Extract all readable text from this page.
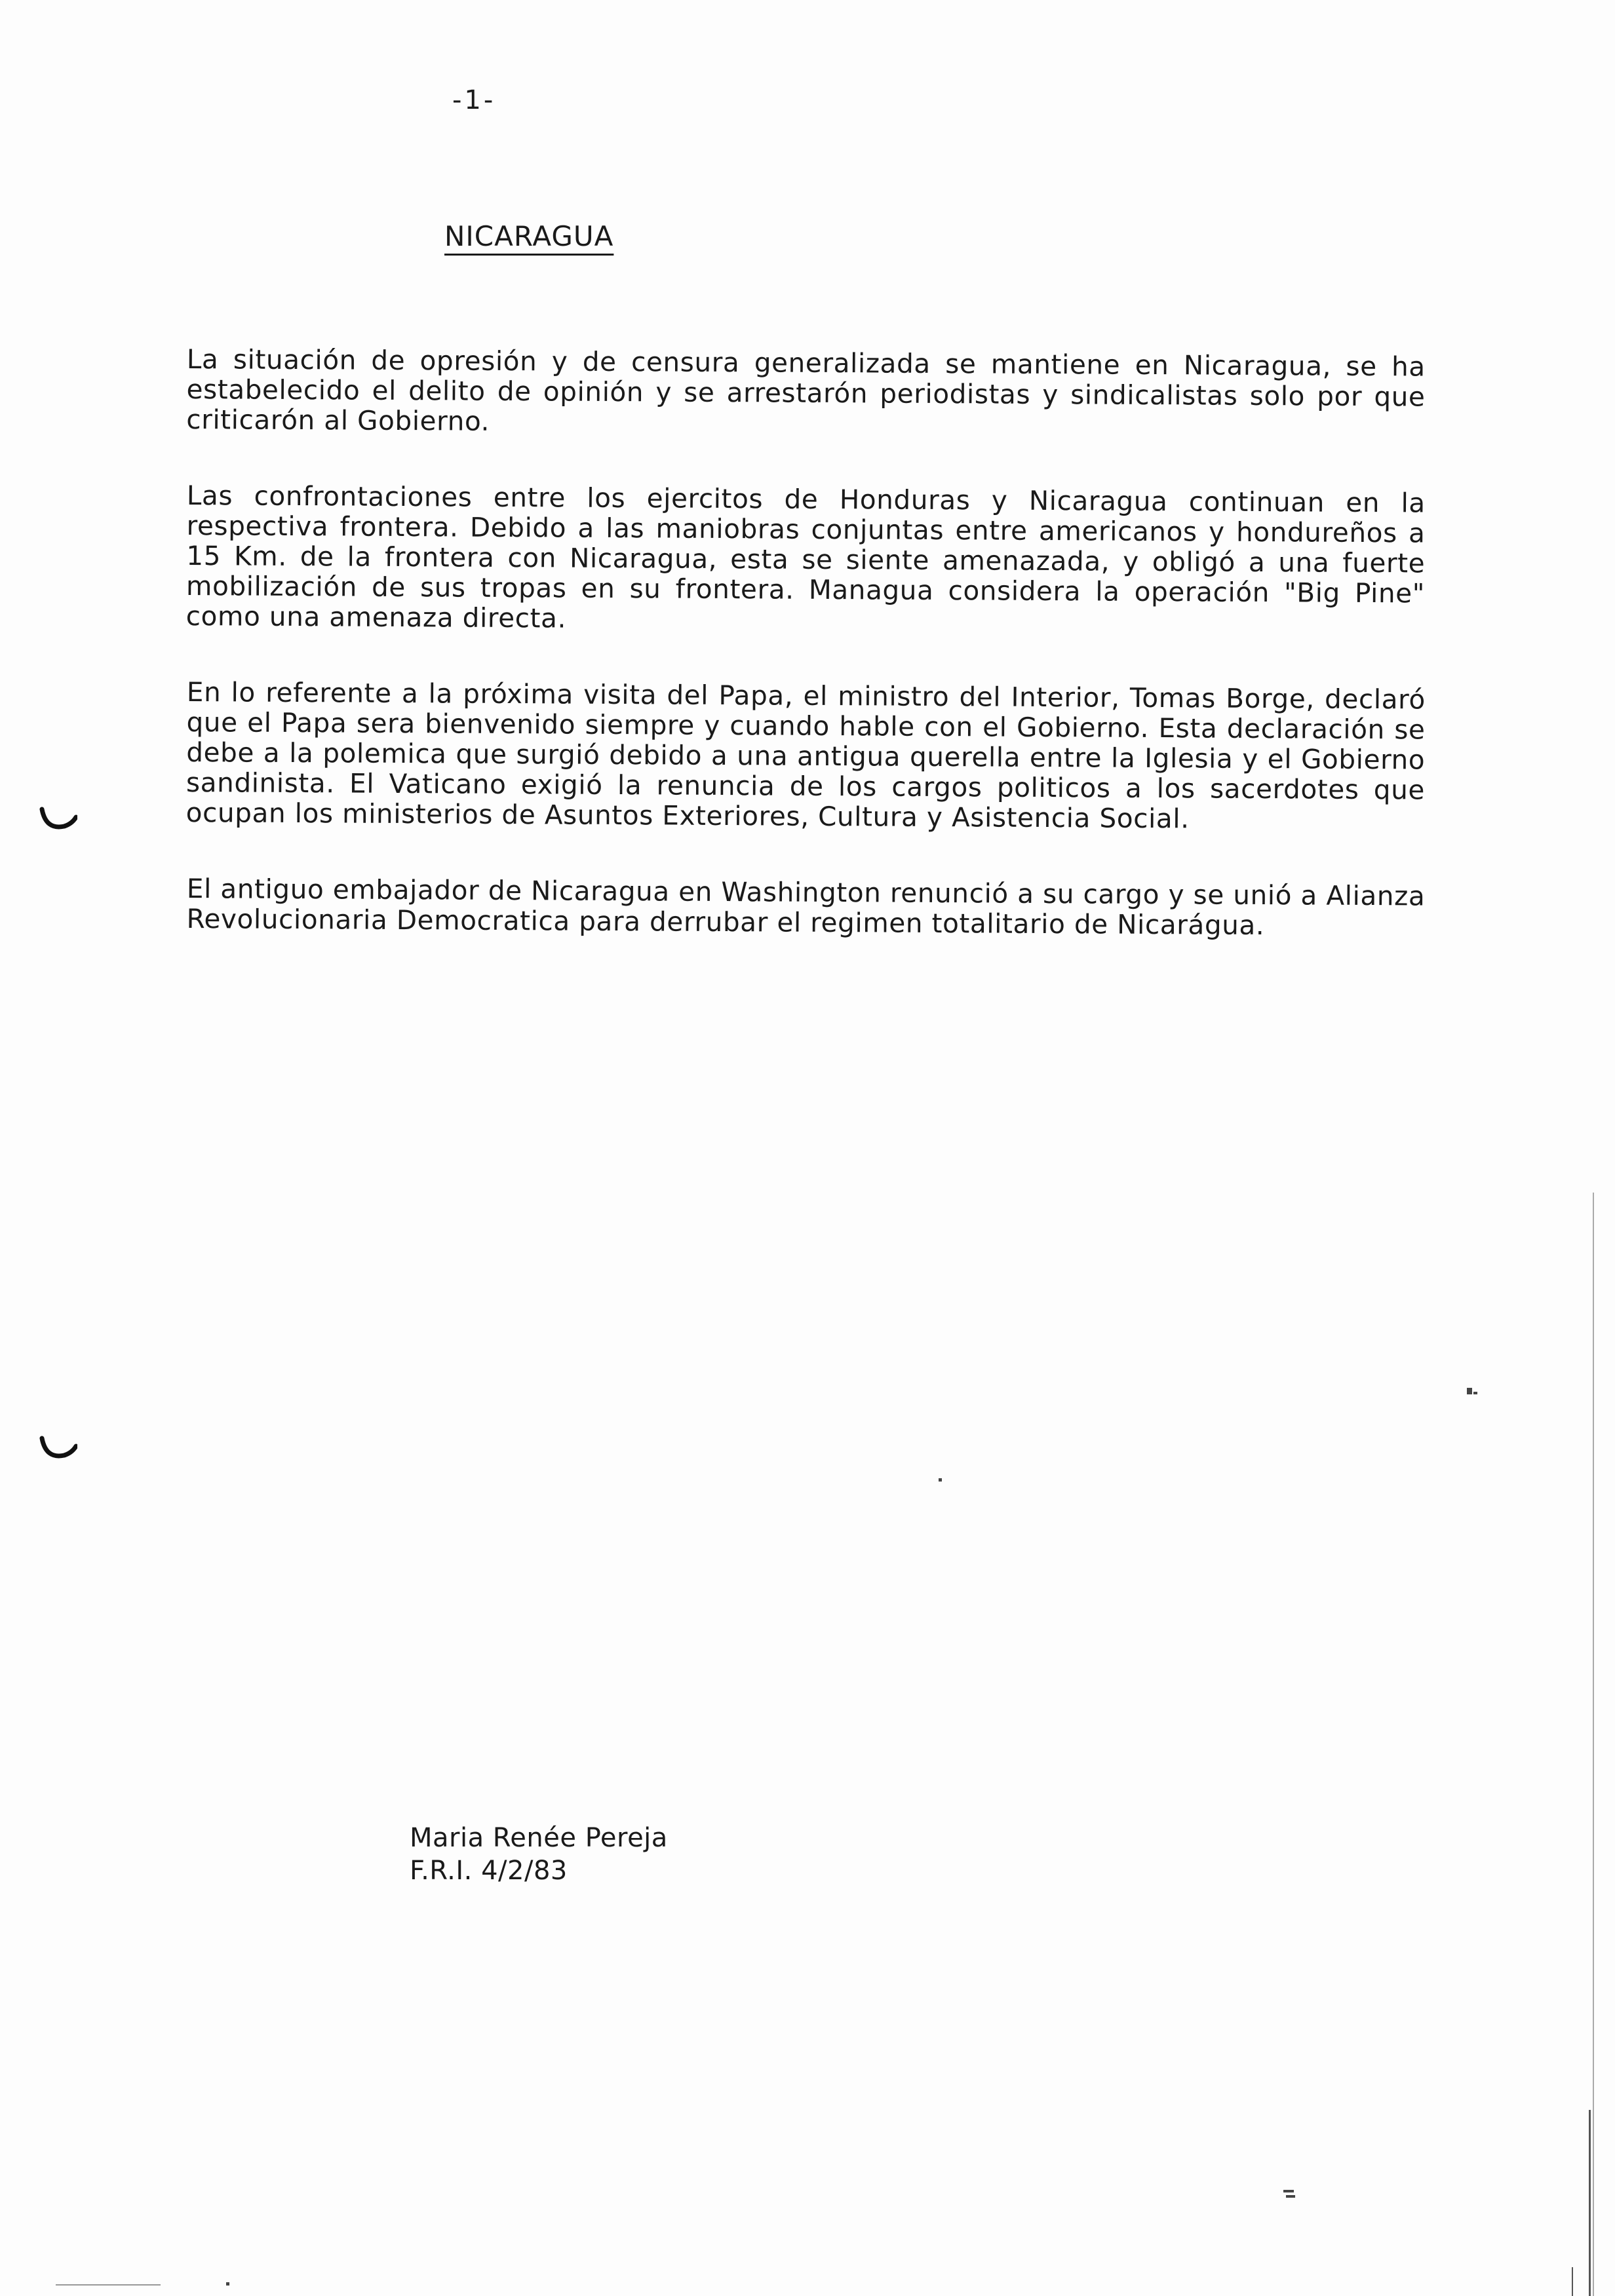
-1-
NICARAGUA

La situación de opresión y de censura generalizada se mantiene en Nicaragua, se ha estabelecido el delito de opinión y se arrestarón periodistas y sindicalistas solo por que criticarón al Gobierno.

Las confrontaciones entre los ejercitos de Honduras y Nicaragua continuan en la respectiva frontera. Debido a las maniobras conjuntas entre americanos y hondureños a 15 Km. de la frontera con Nicaragua, esta se siente amenazada, y obligó a una fuerte mobilización de sus tropas en su frontera. Managua considera la operación "Big Pine" como una amenaza directa.

En lo referente a la próxima visita del Papa, el ministro del Interior, Tomas Borge, declaró que el Papa sera bienvenido siempre y cuando hable con el Gobierno. Esta declaración se debe a la polemica que surgió debido a una antigua querella entre la Iglesia y el Gobierno sandinista. El Vaticano exigió la renuncia de los cargos politicos a los sacerdotes que ocupan los ministerios de Asuntos Exteriores, Cultura y Asistencia Social.

El antiguo embajador de Nicaragua en Washington renunció a su cargo y se unió a Alianza Revolucionaria Democratica para derrubar el regimen totalitario de Nicarágua.

Maria Renée Pereja
F.R.I. 4/2/83
